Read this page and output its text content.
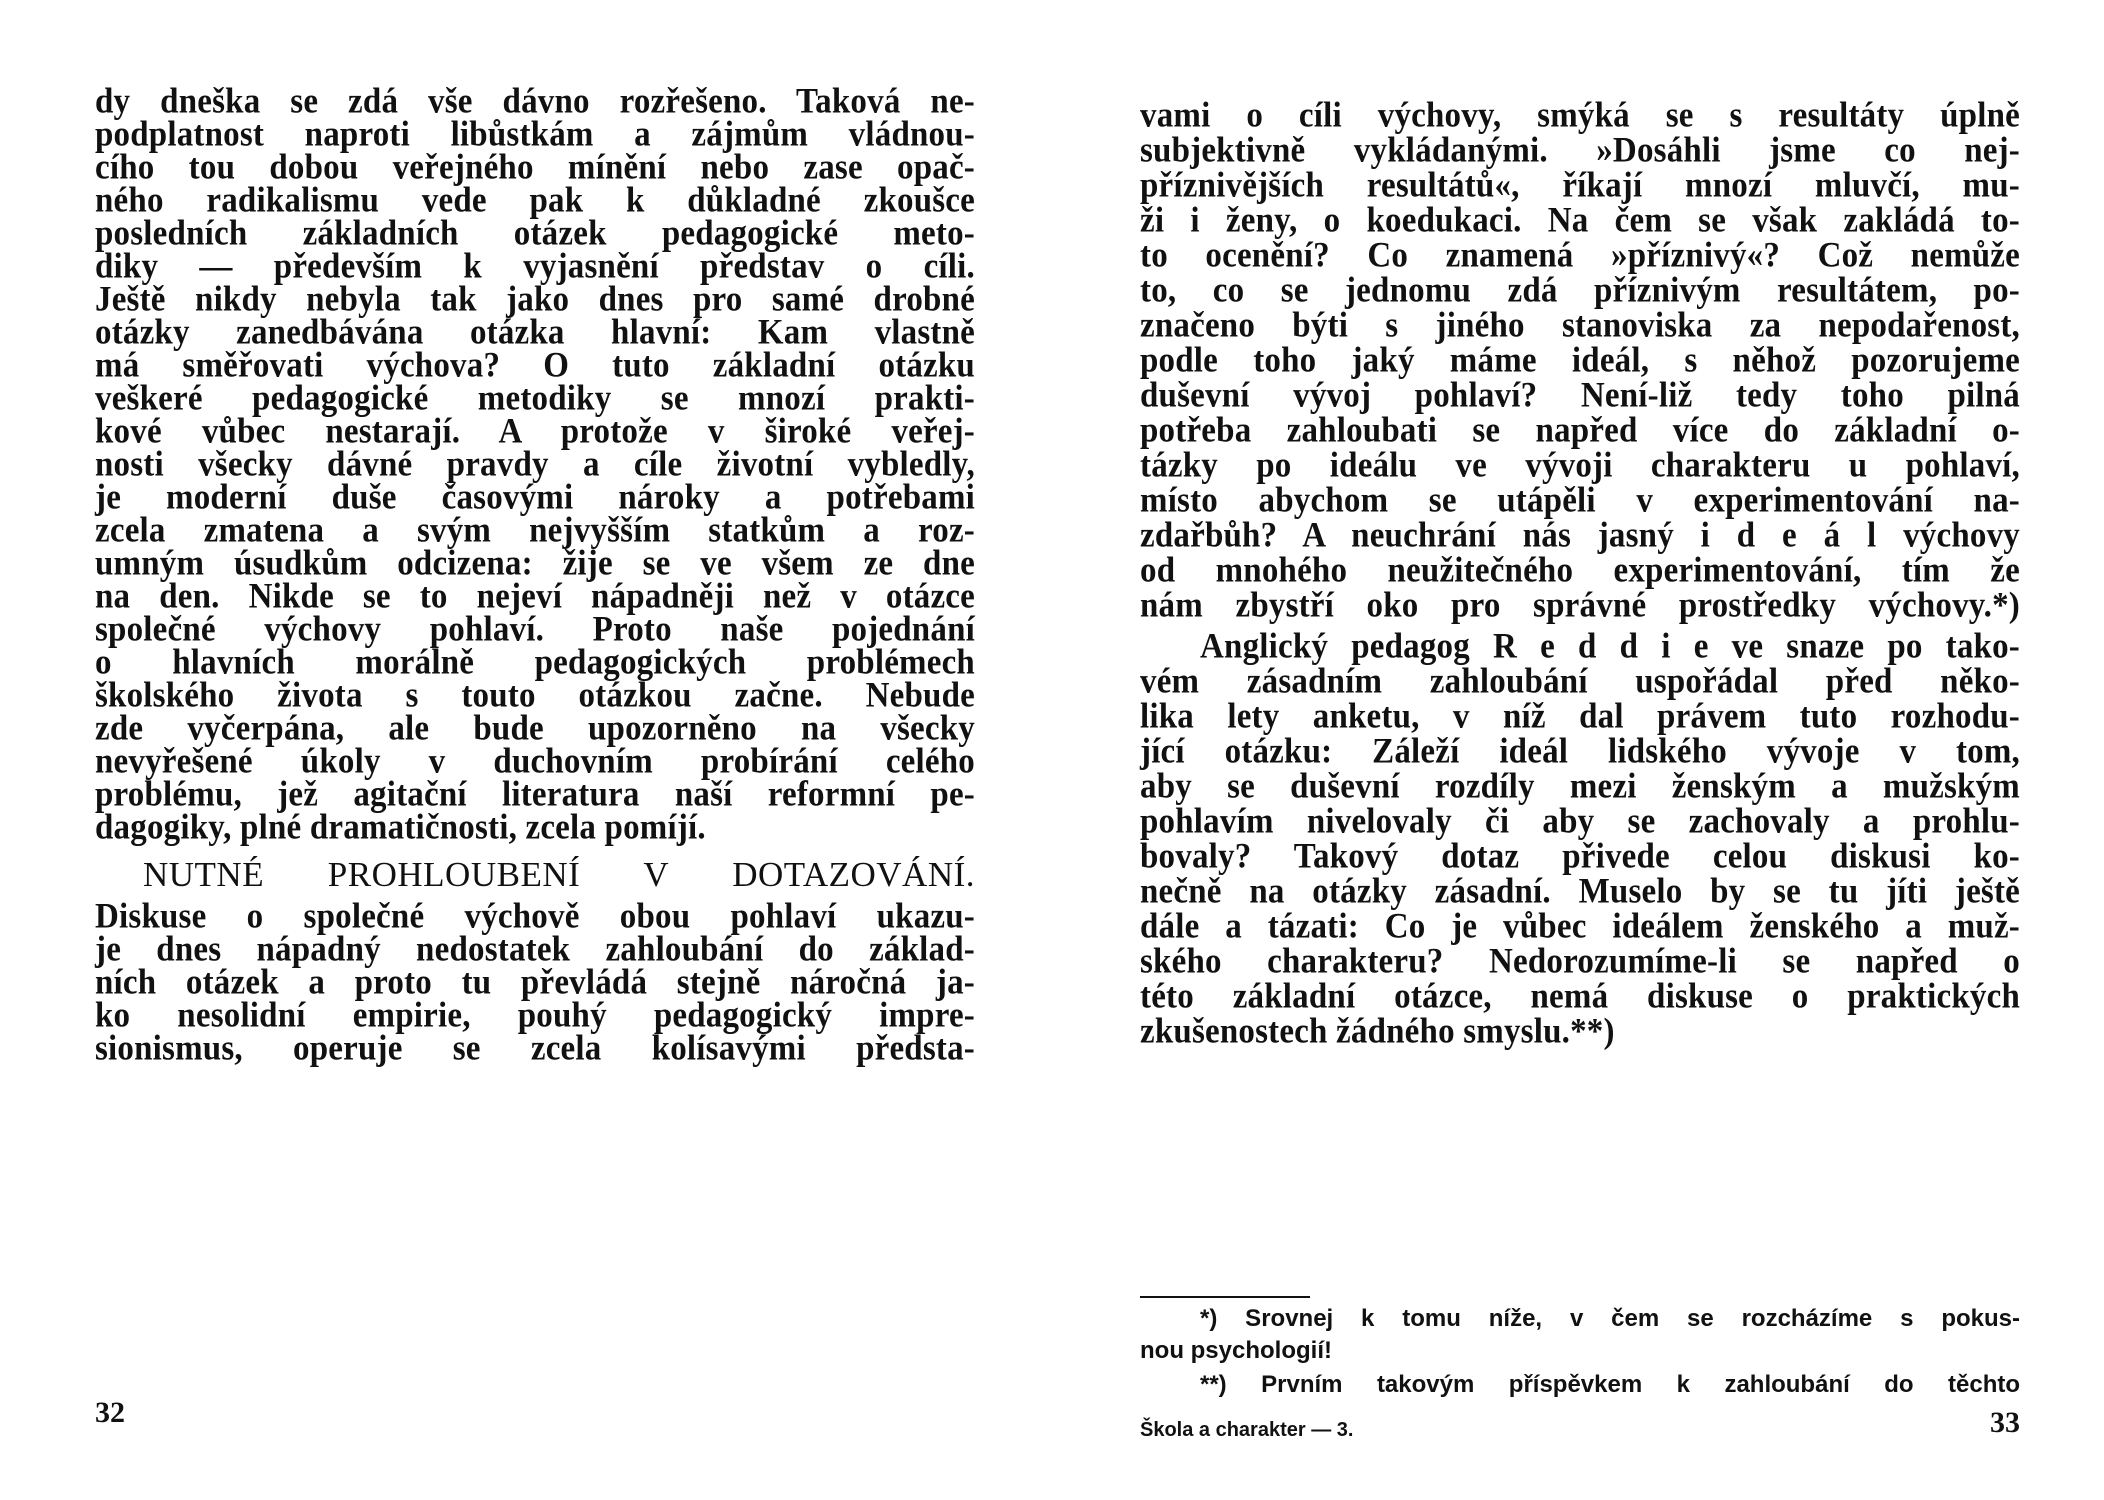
dy dneška se zdá vše dávno rozřešeno. Taková ne-
podplatnost naproti libůstkám a zájmům vládnou-
cího tou dobou veřejného mínění nebo zase opač-
ného radikalismu vede pak k důkladné zkoušce
posledních základních otázek pedagogické meto-
diky — především k vyjasnění představ o cíli.
Ještě nikdy nebyla tak jako dnes pro samé drobné
otázky zanedbávána otázka hlavní: Kam vlastně
má směřovati výchova? O tuto základní otázku
veškeré pedagogické metodiky se mnozí prakti-
kové vůbec nestarají. A protože v široké veřej-
nosti všecky dávné pravdy a cíle životní vybledly,
je moderní duše časovými nároky a potřebami
zcela zmatena a svým nejvyšším statkům a roz-
umným úsudkům odcizena: žije se ve všem ze dne
na den. Nikde se to nejeví nápadněji než v otázce
společné výchovy pohlaví. Proto naše pojednání
o hlavních morálně pedagogických problémech
školského života s touto otázkou začne. Nebude
zde vyčerpána, ale bude upozorněno na všecky
nevyřešené úkoly v duchovním probírání celého
problému, jež agitační literatura naší reformní pe-
dagogiky, plné dramatičnosti, zcela pomíjí.
NUTNÉ PROHLOUBENÍ V DOTAZOVÁNÍ.
Diskuse o společné výchově obou pohlaví ukazu-
je dnes nápadný nedostatek zahloubání do základ-
ních otázek a proto tu převládá stejně náročná ja-
ko nesolidní empirie, pouhý pedagogický impre-
sionismus, operuje se zcela kolísavými předsta-
32
vami o cíli výchovy, smýká se s resultáty úplně
subjektivně vykládanými. »Dosáhli jsme co nej-
příznivějších resultátů«, říkají mnozí mluvčí, mu-
ži i ženy, o koedukaci. Na čem se však zakládá to-
to ocenění? Co znamená »příznivý«? Což nemůže
to, co se jednomu zdá příznivým resultátem, po-
značeno býti s jiného stanoviska za nepodařenost,
podle toho jaký máme ideál, s něhož pozorujeme
duševní vývoj pohlaví? Není-liž tedy toho pilná
potřeba zahloubati se napřed více do základní o-
tázky po ideálu ve vývoji charakteru u pohlaví,
místo abychom se utápěli v experimentování na-
zdařbůh? A neuchrání nás jasný i d e á l výchovy
od mnohého neužitečného experimentování, tím že
nám zbystří oko pro správné prostředky výchovy.*)
Anglický pedagog R e d d i e ve snaze po tako-
vém zásadním zahloubání uspořádal před něko-
lika lety anketu, v níž dal právem tuto rozhodu-
jící otázku: Záleží ideál lidského vývoje v tom,
aby se duševní rozdíly mezi ženským a mužským
pohlavím nivelovaly či aby se zachovaly a prohlu-
bovaly? Takový dotaz přivede celou diskusi ko-
nečně na otázky zásadní. Muselo by se tu jíti ještě
dále a tázati: Co je vůbec ideálem ženského a muž-
ského charakteru? Nedorozumíme-li se napřed o
této základní otázce, nemá diskuse o praktických
zkušenostech žádného smyslu.**)
*) Srovnej k tomu níže, v čem se rozcházíme s pokus-
nou psychologií!
**) Prvním takovým příspěvkem k zahloubání do těchto
Škola a charakter — 3.	33
